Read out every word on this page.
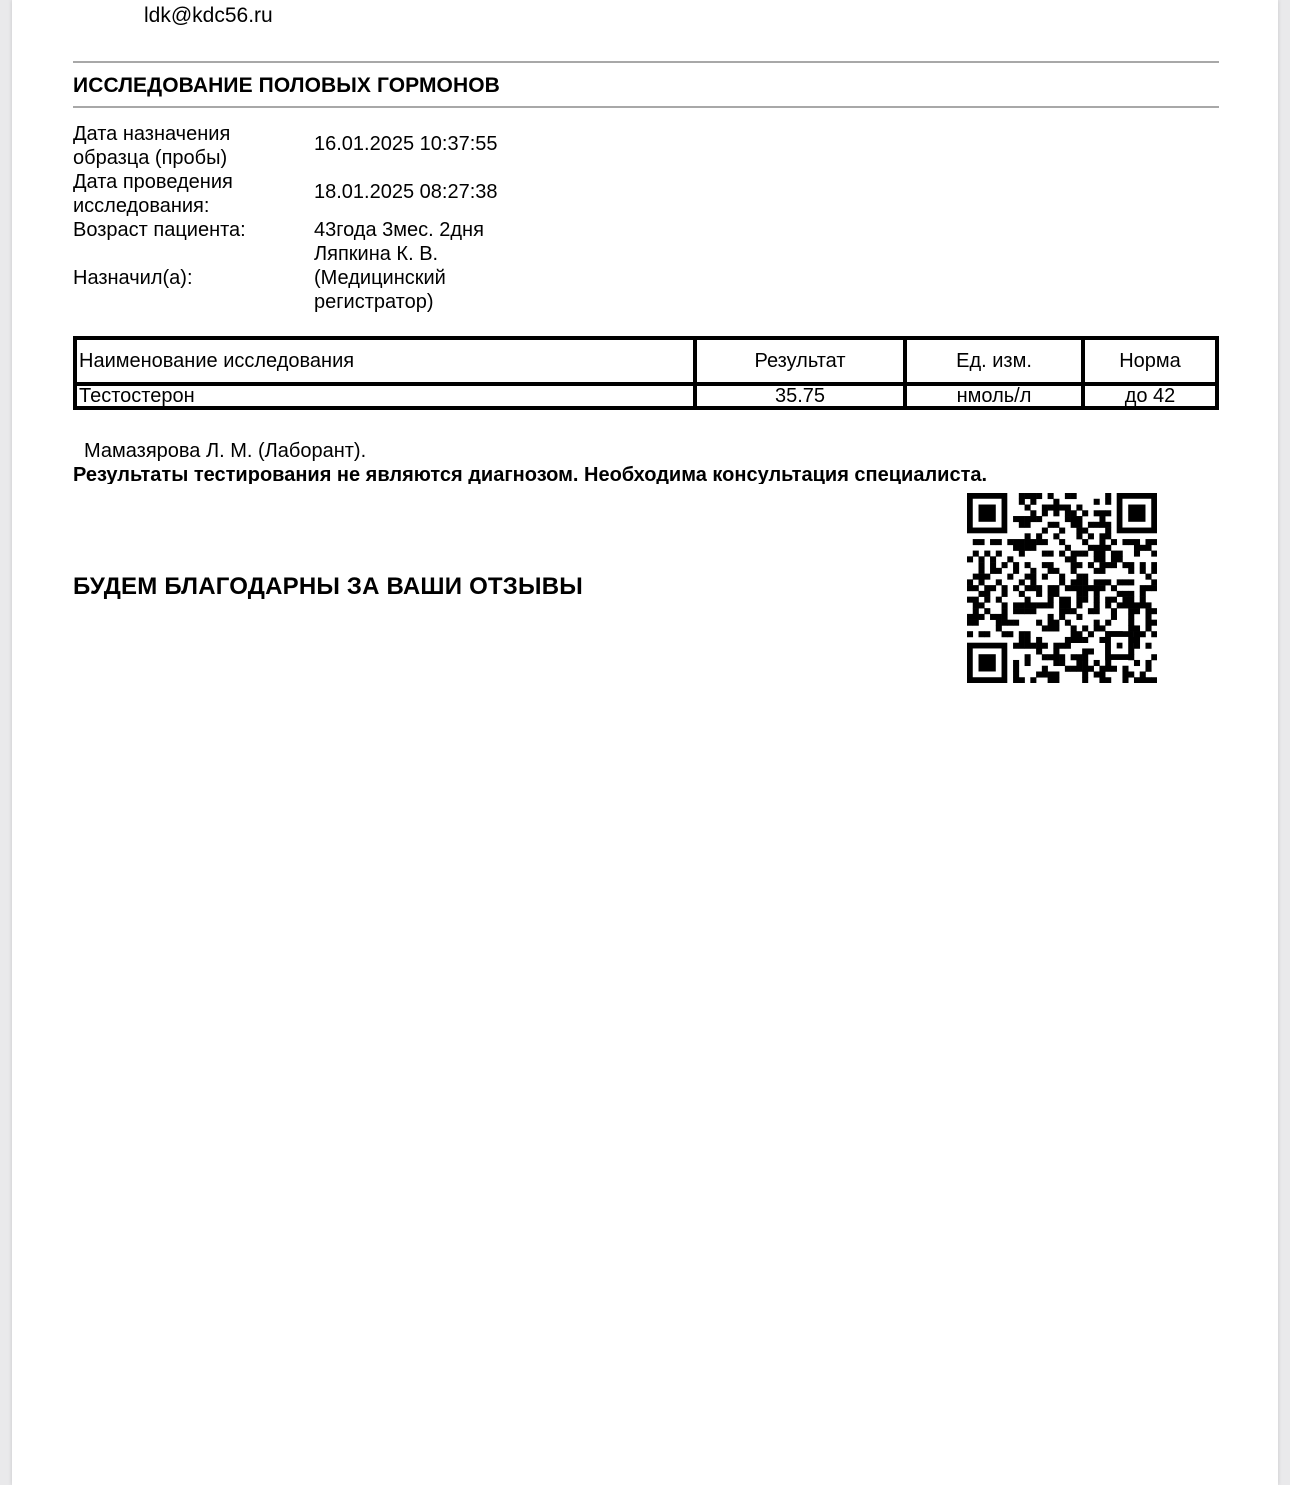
ldk@kdc56.ru
ИССЛЕДОВАНИЕ ПОЛОВЫХ ГОРМОНОВ
Дата назначения
образца (пробы)
16.01.2025 10:37:55
Дата проведения
исследования:
18.01.2025 08:27:38
Возраст пациента:	43года 3мес. 2дня
Назначил(а):
Ляпкина К. В.
(Медицинский
регистратор)
Наименование исследования	Результат	Ед. изм.	Норма
Тестостерон	35.75	нмоль/л	до 42
Мамазярова Л. М. (Лаборант).
Результаты тестирования не являются диагнозом. Необходима консультация специалиста.
БУДЕМ БЛАГОДАРНЫ ЗА ВАШИ ОТЗЫВЫ
